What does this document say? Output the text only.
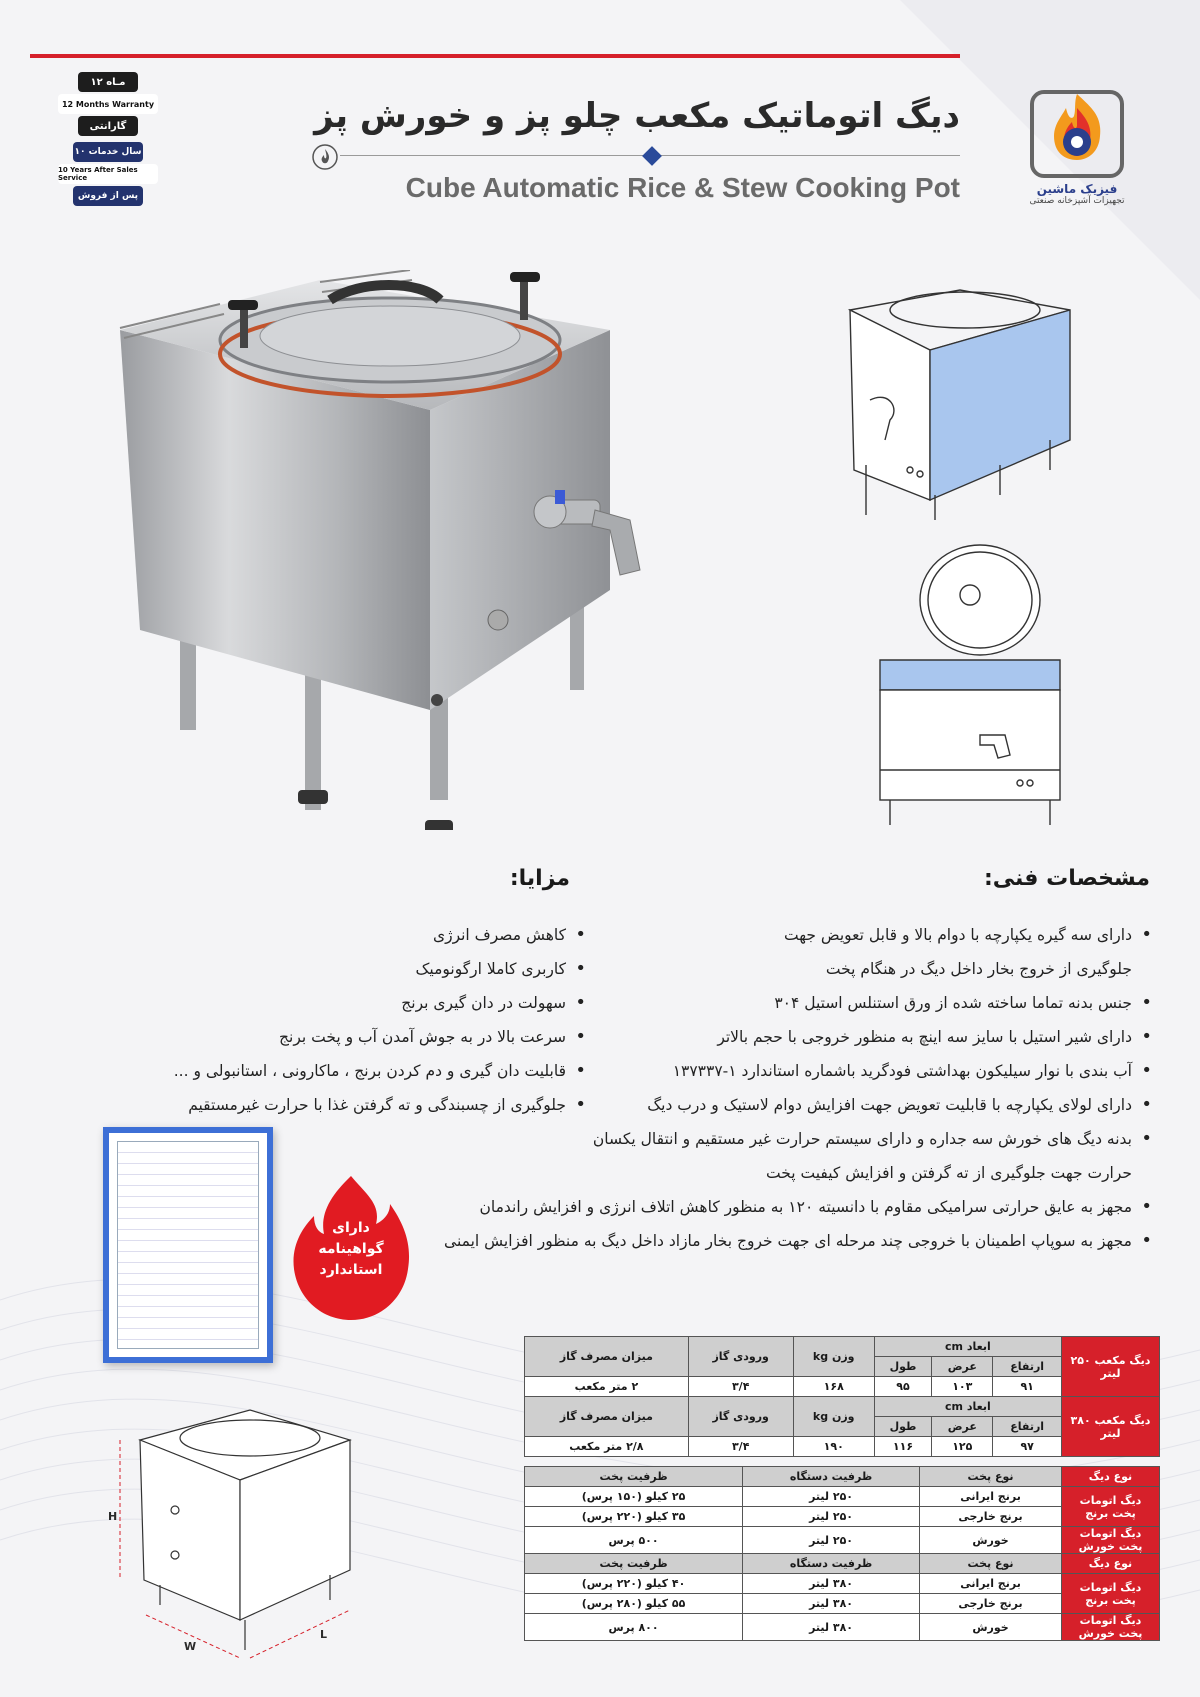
۱۲ مـاه
12 Months Warranty
گارانتی
۱۰ سال خدمات
10 Years After Sales Service
پس از فروش
دیگ اتوماتیک مکعب چلو پز و خورش پز
Cube Automatic Rice & Stew Cooking Pot	فیزیک ماشین
تجهیزات آشپزخانه صنعتی
مشخصات فنی:
• دارای سه گیره یکپارچه با دوام بالا و قابل تعویض جهت
جلوگیری از خروج بخار داخل دیگ در هنگام پخت
• جنس بدنه تماما ساخته شده از ورق استنلس استیل ۳۰۴
• دارای شیر استیل با سایز سه اینچ به منظور خروجی با حجم بالاتر
• آب بندی با نوار سیلیکون بهداشتی فودگرید باشماره استاندارد ۱-۱۳۷۳۳۷
• دارای لولای یکپارچه با قابلیت تعویض جهت افزایش دوام لاستیک و درب دیگ
• بدنه دیگ های خورش سه جداره و دارای سیستم حرارت غیر مستقیم و انتقال یکسان
حرارت جهت جلوگیری از ته گرفتن و افزایش کیفیت پخت
• مجهز به عایق حرارتی سرامیکی مقاوم با دانسیته ۱۲۰ به منظور کاهش اتلاف انرژی و افزایش راندمان
• مجهز به سوپاپ اطمینان با خروجی چند مرحله ای جهت خروج بخار مازاد داخل دیگ به منظور افزایش ایمنی
مزایا:
• کاهش مصرف انرژی
• کاربری کاملا ارگونومیک
• سهولت در دان گیری برنج
• سرعت بالا در به جوش آمدن آب و پخت برنج
• قابلیت دان گیری و دم کردن برنج ، ماکارونی ، استانبولی و ...
• جلوگیری از چسبندگی و ته گرفتن غذا با حرارت غیرمستقیم
دارای
گواهینامه
استاندارد
H
W
L
دیگ مکعب ۲۵۰ لیتر	ابعاد cm			وزن kg	ورودی گاز	میزان مصرف گاز
	ارتفاع	عرض	طول			
	۹۱	۱۰۳	۹۵	۱۶۸	۳/۴	۲ متر مکعب
دیگ مکعب ۳۸۰ لیتر	ابعاد cm			وزن kg	ورودی گاز	میزان مصرف گاز
	ارتفاع	عرض	طول			
	۹۷	۱۲۵	۱۱۶	۱۹۰	۳/۴	۲/۸ متر مکعب
نوع دیگ	نوع پخت	ظرفیت دستگاه	ظرفیت پخت
دیگ اتومات پخت برنج	برنج ایرانی	۲۵۰ لیتر	۲۵ کیلو (۱۵۰ پرس)
	برنج خارجی	۲۵۰ لیتر	۳۵ کیلو (۲۲۰ پرس)
دیگ اتومات پخت خورش	خورش	۲۵۰ لیتر	۵۰۰ پرس
نوع دیگ	نوع پخت	ظرفیت دستگاه	ظرفیت پخت
دیگ اتومات پخت برنج	برنج ایرانی	۳۸۰ لیتر	۴۰ کیلو (۲۲۰ پرس)
	برنج خارجی	۳۸۰ لیتر	۵۵ کیلو (۲۸۰ پرس)
دیگ اتومات پخت خورش	خورش	۳۸۰ لیتر	۸۰۰ پرس
